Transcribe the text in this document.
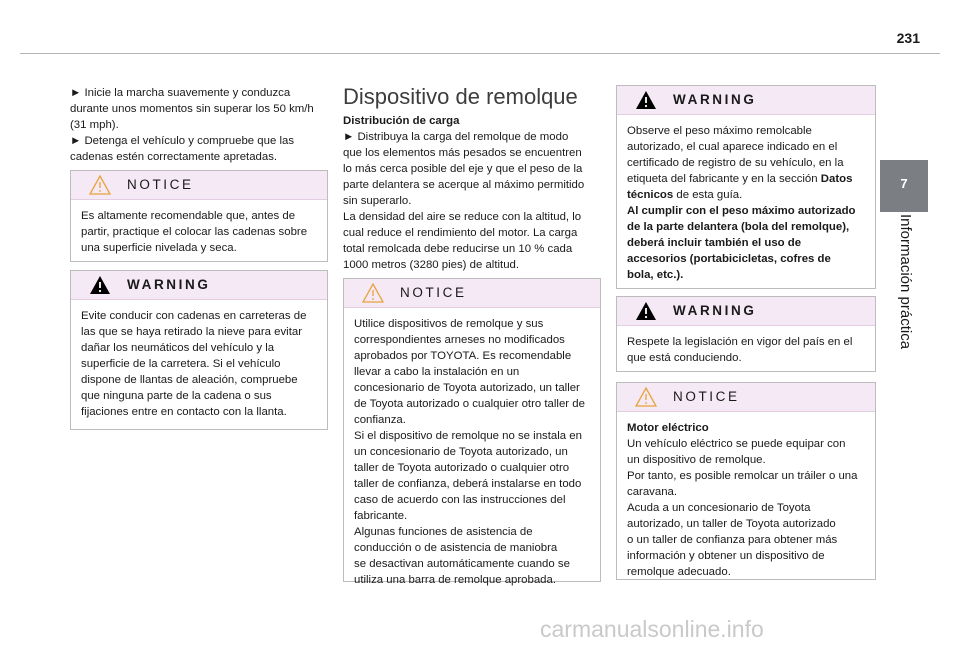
231
7
Información práctica

► Inicie la marcha suavemente y conduzca
durante unos momentos sin superar los 50 km/h
(31 mph).

► Detenga el vehículo y compruebe que las
cadenas estén correctamente apretadas.

NOTICE

Es altamente recomendable que, antes de
partir, practique el colocar las cadenas sobre
una superficie nivelada y seca.

WARNING

Evite conducir con cadenas en carreteras de
las que se haya retirado la nieve para evitar
dañar los neumáticos del vehículo y la
superficie de la carretera. Si el vehículo
dispone de llantas de aleación, compruebe
que ninguna parte de la cadena o sus
fijaciones entre en contacto con la llanta.

Dispositivo de remolque

Distribución de carga

► Distribuya la carga del remolque de modo
que los elementos más pesados se encuentren
lo más cerca posible del eje y que el peso de la
parte delantera se acerque al máximo permitido
sin superarlo.
La densidad del aire se reduce con la altitud, lo
cual reduce el rendimiento del motor. La carga
total remolcada debe reducirse un 10 % cada
1000 metros (3280 pies) de altitud.

NOTICE

Utilice dispositivos de remolque y sus
correspondientes arneses no modificados
aprobados por TOYOTA. Es recomendable
llevar a cabo la instalación en un
concesionario de Toyota autorizado, un taller
de Toyota autorizado o cualquier otro taller de
confianza.
Si el dispositivo de remolque no se instala en
un concesionario de Toyota autorizado, un
taller de Toyota autorizado o cualquier otro
taller de confianza, deberá instalarse en todo
caso de acuerdo con las instrucciones del
fabricante.
Algunas funciones de asistencia de
conducción o de asistencia de maniobra
se desactivan automáticamente cuando se
utiliza una barra de remolque aprobada.

WARNING

Observe el peso máximo remolcable
autorizado, el cual aparece indicado en el
certificado de registro de su vehículo, en la
etiqueta del fabricante y en la sección Datos
técnicos de esta guía.
Al cumplir con el peso máximo autorizado
de la parte delantera (bola del remolque),
deberá incluir también el uso de
accesorios (portabicicletas, cofres de
bola, etc.).

WARNING

Respete la legislación en vigor del país en el
que está conduciendo.

NOTICE

Motor eléctrico

Un vehículo eléctrico se puede equipar con
un dispositivo de remolque.
Por tanto, es posible remolcar un tráiler o una
caravana.
Acuda a un concesionario de Toyota
autorizado, un taller de Toyota autorizado
o un taller de confianza para obtener más
información y obtener un dispositivo de
remolque adecuado.

carmanualsonline.info
